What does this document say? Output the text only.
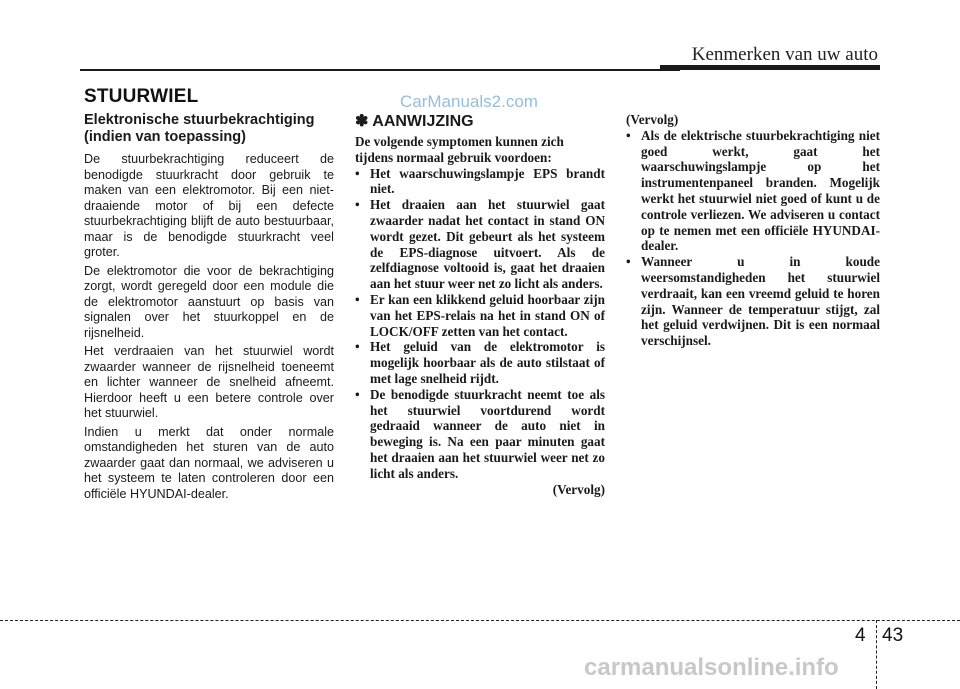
Kenmerken van uw auto
STUURWIEL	CarManuals2.com
Elektronische stuurbekrachtiging (indien van toepassing)

De stuurbekrachtiging reduceert de benodigde stuurkracht door gebruik te maken van een elektromotor. Bij een niet-draaiende motor of bij een defecte stuurbekrachtiging blijft de auto bestuurbaar, maar is de benodigde stuurkracht veel groter.

De elektromotor die voor de bekrachtiging zorgt, wordt geregeld door een module die de elektromotor aanstuurt op basis van signalen over het stuurkoppel en de rijsnelheid.

Het verdraaien van het stuurwiel wordt zwaarder wanneer de rijsnelheid toeneemt en lichter wanneer de snelheid afneemt. Hierdoor heeft u een betere controle over het stuurwiel.

Indien u merkt dat onder normale omstandigheden het sturen van de auto zwaarder gaat dan normaal, we adviseren u het systeem te laten controleren door een officiële HYUNDAI-dealer.

✽ AANWIJZING

De volgende symptomen kunnen zich tijdens normaal gebruik voordoen:

• Het waarschuwingslampje EPS brandt niet.
• Het draaien aan het stuurwiel gaat zwaarder nadat het contact in stand ON wordt gezet. Dit gebeurt als het systeem de EPS-diagnose uitvoert. Als de zelfdiagnose voltooid is, gaat het draaien aan het stuur weer net zo licht als anders.
• Er kan een klikkend geluid hoorbaar zijn van het EPS-relais na het in stand ON of LOCK/OFF zetten van het contact.
• Het geluid van de elektromotor is mogelijk hoorbaar als de auto stilstaat of met lage snelheid rijdt.
• De benodigde stuurkracht neemt toe als het stuurwiel voortdurend wordt gedraaid wanneer de auto niet in beweging is. Na een paar minuten gaat het draaien aan het stuurwiel weer net zo licht als anders.

(Vervolg)

(Vervolg)

• Als de elektrische stuurbekrachtiging niet goed werkt, gaat het waarschuwingslampje op het instrumentenpaneel branden. Mogelijk werkt het stuurwiel niet goed of kunt u de controle verliezen. We adviseren u contact op te nemen met een officiële HYUNDAI-dealer.
• Wanneer u in koude weersomstandigheden het stuurwiel verdraait, kan een vreemd geluid te horen zijn. Wanneer de temperatuur stijgt, zal het geluid verdwijnen. Dit is een normaal verschijnsel.
4 43
carmanualsonline.info
